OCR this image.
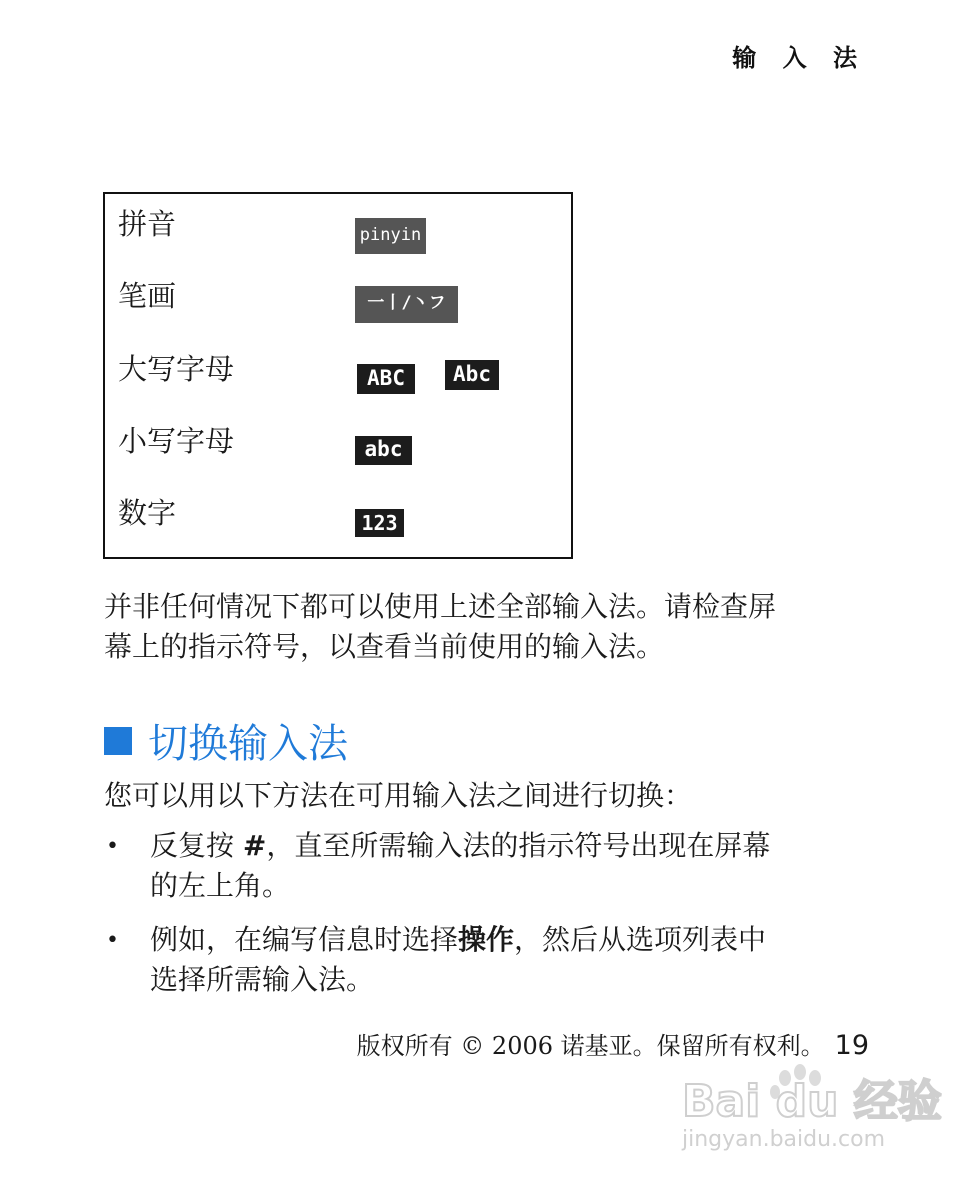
输 入 法
拼音	pinyin
笔画	一丨/丶フ
大写字母	ABC	Abc
小写字母	abc
数字	123
并非任何情况下都可以使用上述全部输入法。请检查屏
幕上的指示符号，以查看当前使用的输入法。
切换输入法
您可以用以下方法在可用输入法之间进行切换：
• 反复按 #，直至所需输入法的指示符号出现在屏幕
的左上角。
• 例如，在编写信息时选择操作，然后从选项列表中
选择所需输入法。
版权所有 © 2006 诺基亚。保留所有权利。 19
Bai du 经验
jingyan.baidu.com
